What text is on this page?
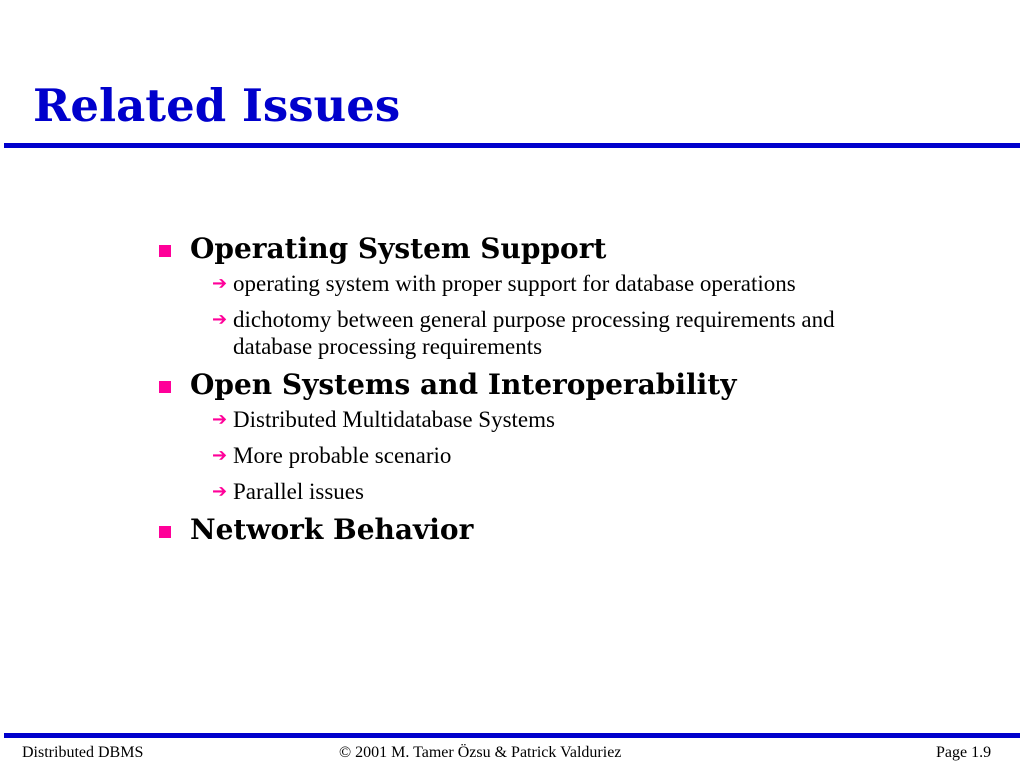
Related Issues
Operating System Support
➔ operating system with proper support for database operations
➔ dichotomy between general purpose processing requirements and database processing requirements
Open Systems and Interoperability
➔ Distributed Multidatabase Systems
➔ More probable scenario
➔ Parallel issues
Network Behavior
Distributed DBMS	© 2001 M. Tamer Özsu & Patrick Valduriez	Page 1.9
